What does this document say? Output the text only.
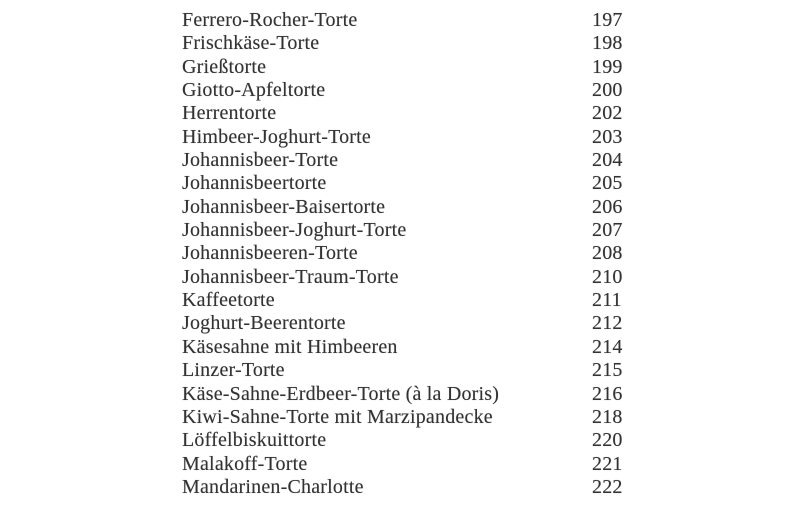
Ferrero-Rocher-Torte	197
Frischkäse-Torte	198
Grießtorte	199
Giotto-Apfeltorte	200
Herrentorte	202
Himbeer-Joghurt-Torte	203
Johannisbeer-Torte	204
Johannisbeertorte	205
Johannisbeer-Baisertorte	206
Johannisbeer-Joghurt-Torte	207
Johannisbeeren-Torte	208
Johannisbeer-Traum-Torte	210
Kaffeetorte	211
Joghurt-Beerentorte	212
Käsesahne mit Himbeeren	214
Linzer-Torte	215
Käse-Sahne-Erdbeer-Torte (à la Doris)	216
Kiwi-Sahne-Torte mit Marzipandecke	218
Löffelbiskuittorte	220
Malakoff-Torte	221
Mandarinen-Charlotte	222
